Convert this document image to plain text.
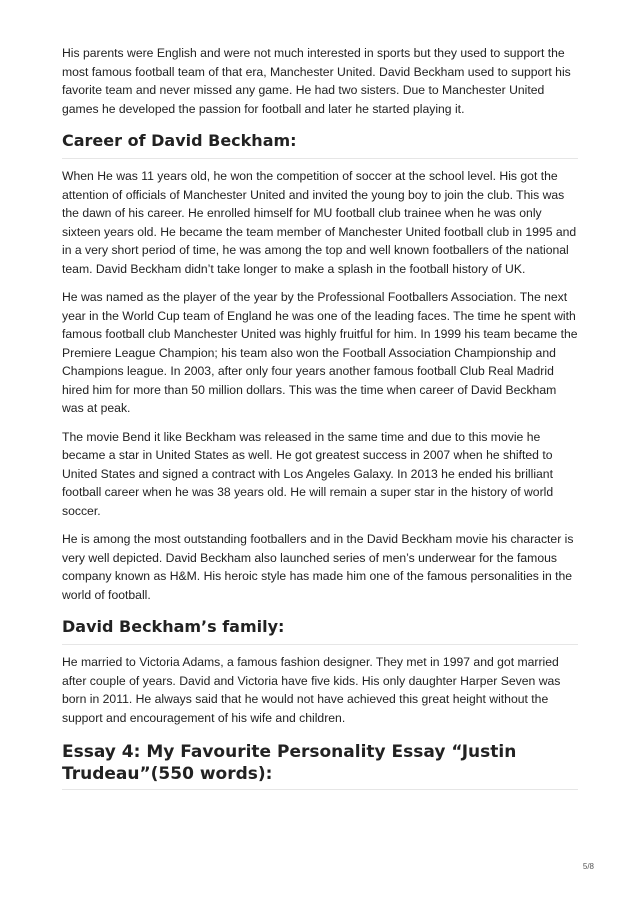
His parents were English and were not much interested in sports but they used to support the most famous football team of that era, Manchester United. David Beckham used to support his favorite team and never missed any game. He had two sisters. Due to Manchester United games he developed the passion for football and later he started playing it.

Career of David Beckham:

When He was 11 years old, he won the competition of soccer at the school level. His got the attention of officials of Manchester United and invited the young boy to join the club. This was the dawn of his career. He enrolled himself for MU football club trainee when he was only sixteen years old. He became the team member of Manchester United football club in 1995 and in a very short period of time, he was among the top and well known footballers of the national team. David Beckham didn’t take longer to make a splash in the football history of UK.

He was named as the player of the year by the Professional Footballers Association. The next year in the World Cup team of England he was one of the leading faces. The time he spent with famous football club Manchester United was highly fruitful for him. In 1999 his team became the Premiere League Champion; his team also won the Football Association Championship and Champions league. In 2003, after only four years another famous football Club Real Madrid hired him for more than 50 million dollars. This was the time when career of David Beckham was at peak.

The movie Bend it like Beckham was released in the same time and due to this movie he became a star in United States as well. He got greatest success in 2007 when he shifted to United States and signed a contract with Los Angeles Galaxy. In 2013 he ended his brilliant football career when he was 38 years old. He will remain a super star in the history of world soccer.

He is among the most outstanding footballers and in the David Beckham movie his character is very well depicted. David Beckham also launched series of men’s underwear for the famous company known as H&M. His heroic style has made him one of the famous personalities in the world of football.

David Beckham’s family:

He married to Victoria Adams, a famous fashion designer. They met in 1997 and got married after couple of years. David and Victoria have five kids. His only daughter Harper Seven was born in 2011. He always said that he would not have achieved this great height without the support and encouragement of his wife and children.

Essay 4: My Favourite Personality Essay “Justin Trudeau”(550 words):
5/8
